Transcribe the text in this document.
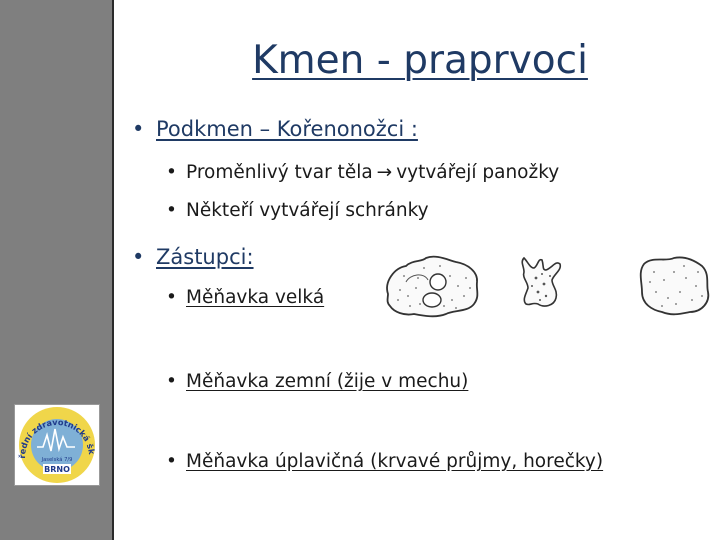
Kmen - praprvoci
• Podkmen – Kořenonožci :
• Proměnlivý tvar těla → vytvářejí panožky
• Někteří vytvářejí schránky
• Zástupci:
• Měňavka velká
• Měňavka zemní (žije v mechu)
• Měňavka úplavičná (krvavé průjmy, horečky)
řední zdravotnická šk
Jaselská 7/9
BRNO
